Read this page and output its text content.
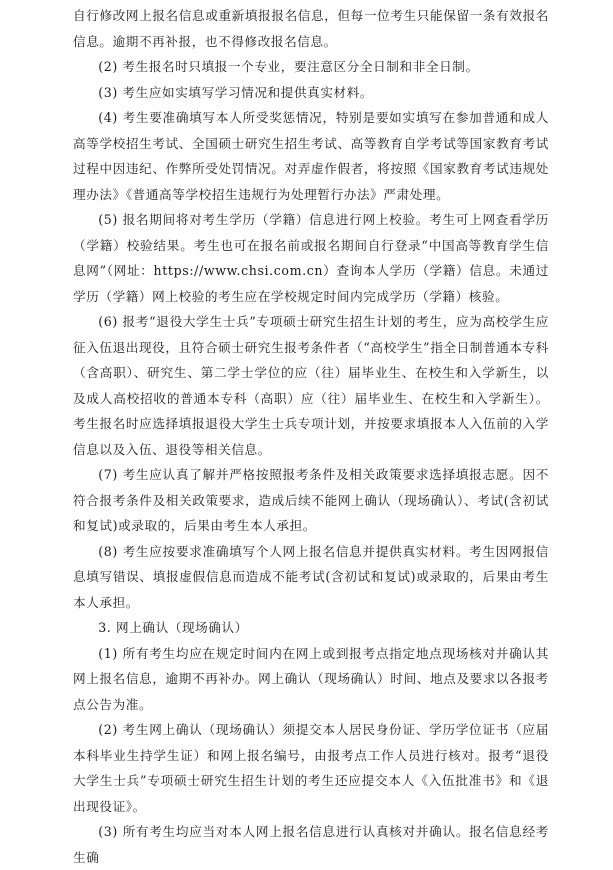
自行修改网上报名信息或重新填报报名信息，但每一位考生只能保留一条有效报名信息。逾期不再补报，也不得修改报名信息。

(2) 考生报名时只填报一个专业，要注意区分全日制和非全日制。

(3) 考生应如实填写学习情况和提供真实材料。

(4) 考生要准确填写本人所受奖惩情况，特别是要如实填写在参加普通和成人高等学校招生考试、全国硕士研究生招生考试、高等教育自学考试等国家教育考试过程中因违纪、作弊所受处罚情况。对弄虚作假者，将按照《国家教育考试违规处理办法》《普通高等学校招生违规行为处理暂行办法》严肃处理。

(5) 报名期间将对考生学历（学籍）信息进行网上校验。考生可上网查看学历（学籍）校验结果。考生也可在报名前或报名期间自行登录“中国高等教育学生信息网”（网址：https://www.chsi.com.cn）查询本人学历（学籍）信息。未通过学历（学籍）网上校验的考生应在学校规定时间内完成学历（学籍）核验。

(6) 报考“退役大学生士兵”专项硕士研究生招生计划的考生，应为高校学生应征入伍退出现役，且符合硕士研究生报考条件者（“高校学生”指全日制普通本专科（含高职）、研究生、第二学士学位的应（往）届毕业生、在校生和入学新生，以及成人高校招收的普通本专科（高职）应（往）届毕业生、在校生和入学新生）。考生报名时应选择填报退役大学生士兵专项计划，并按要求填报本人入伍前的入学信息以及入伍、退役等相关信息。

(7) 考生应认真了解并严格按照报考条件及相关政策要求选择填报志愿。因不符合报考条件及相关政策要求，造成后续不能网上确认（现场确认）、考试(含初试和复试)或录取的，后果由考生本人承担。

(8) 考生应按要求准确填写个人网上报名信息并提供真实材料。考生因网报信息填写错误、填报虚假信息而造成不能考试(含初试和复试)或录取的，后果由考生本人承担。

3. 网上确认（现场确认）

(1) 所有考生均应在规定时间内在网上或到报考点指定地点现场核对并确认其网上报名信息，逾期不再补办。网上确认（现场确认）时间、地点及要求以各报考点公告为准。

(2) 考生网上确认（现场确认）须提交本人居民身份证、学历学位证书（应届本科毕业生持学生证）和网上报名编号，由报考点工作人员进行核对。报考“退役大学生士兵”专项硕士研究生招生计划的考生还应提交本人《入伍批准书》和《退出现役证》。

(3) 所有考生均应当对本人网上报名信息进行认真核对并确认。报名信息经考生确
